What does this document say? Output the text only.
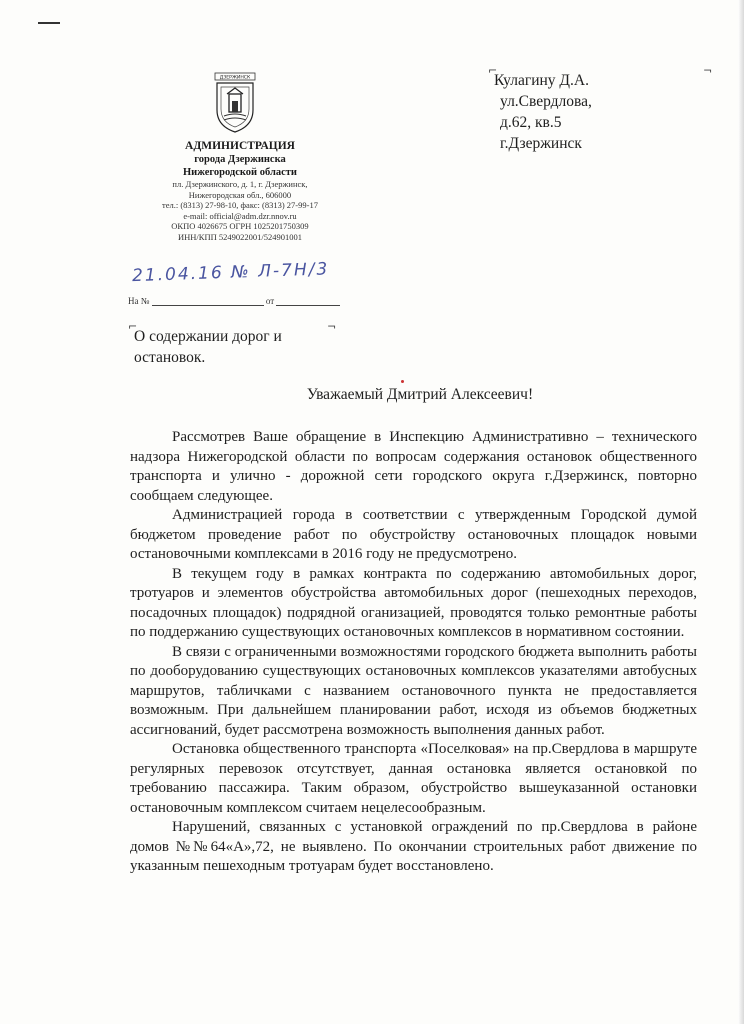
ДЗЕРЖИНСК
АДМИНИСТРАЦИЯ
города Дзержинска
Нижегородской области
пл. Дзержинского, д. 1, г. Дзержинск,
Нижегородская обл., 606000
тел.: (8313) 27-98-10, факс: (8313) 27-99-17
e-mail: official@adm.dzr.nnov.ru
ОКПО 4026675 ОГРН 1025201750309
ИНН/КПП 5249022001/524901001
21.04.16 № Л-7Н/3
На №	от
⌐	¬
Кулагину Д.А.
ул.Свердлова,
д.62, кв.5
г.Дзержинск
⌐	¬
О содержании дорог и
остановок.
Уважаемый Дмитрий Алексеевич!

Рассмотрев Ваше обращение в Инспекцию Административно – технического надзора Нижегородской области по вопросам содержания остановок общественного транспорта и улично - дорожной сети городского округа г.Дзержинск, повторно сообщаем следующее.

Администрацией города в соответствии с утвержденным Городской думой бюджетом проведение работ по обустройству остановочных площадок новыми остановочными комплексами в 2016 году не предусмотрено.

В текущем году в рамках контракта по содержанию автомобильных дорог, тротуаров и элементов обустройства автомобильных дорог (пешеходных переходов, посадочных площадок) подрядной оганизацией, проводятся только ремонтные работы по поддержанию существующих остановочных комплексов в нормативном состоянии.

В связи с ограниченными возможностями городского бюджета выполнить работы по дооборудованию существующих остановочных комплексов указателями автобусных маршрутов, табличками с названием остановочного пункта не предоставляется возможным. При дальнейшем планировании работ, исходя из объемов бюджетных ассигнований, будет рассмотрена возможность выполнения данных работ.

Остановка общественного транспорта «Поселковая» на пр.Свердлова в маршруте регулярных перевозок отсутствует, данная остановка является остановкой по требованию пассажира. Таким образом, обустройство вышеуказанной остановки остановочным комплексом считаем нецелесообразным.

Нарушений, связанных с установкой ограждений по пр.Свердлова в районе домов №№64«А»,72, не выявлено. По окончании строительных работ движение по указанным пешеходным тротуарам будет восстановлено.
